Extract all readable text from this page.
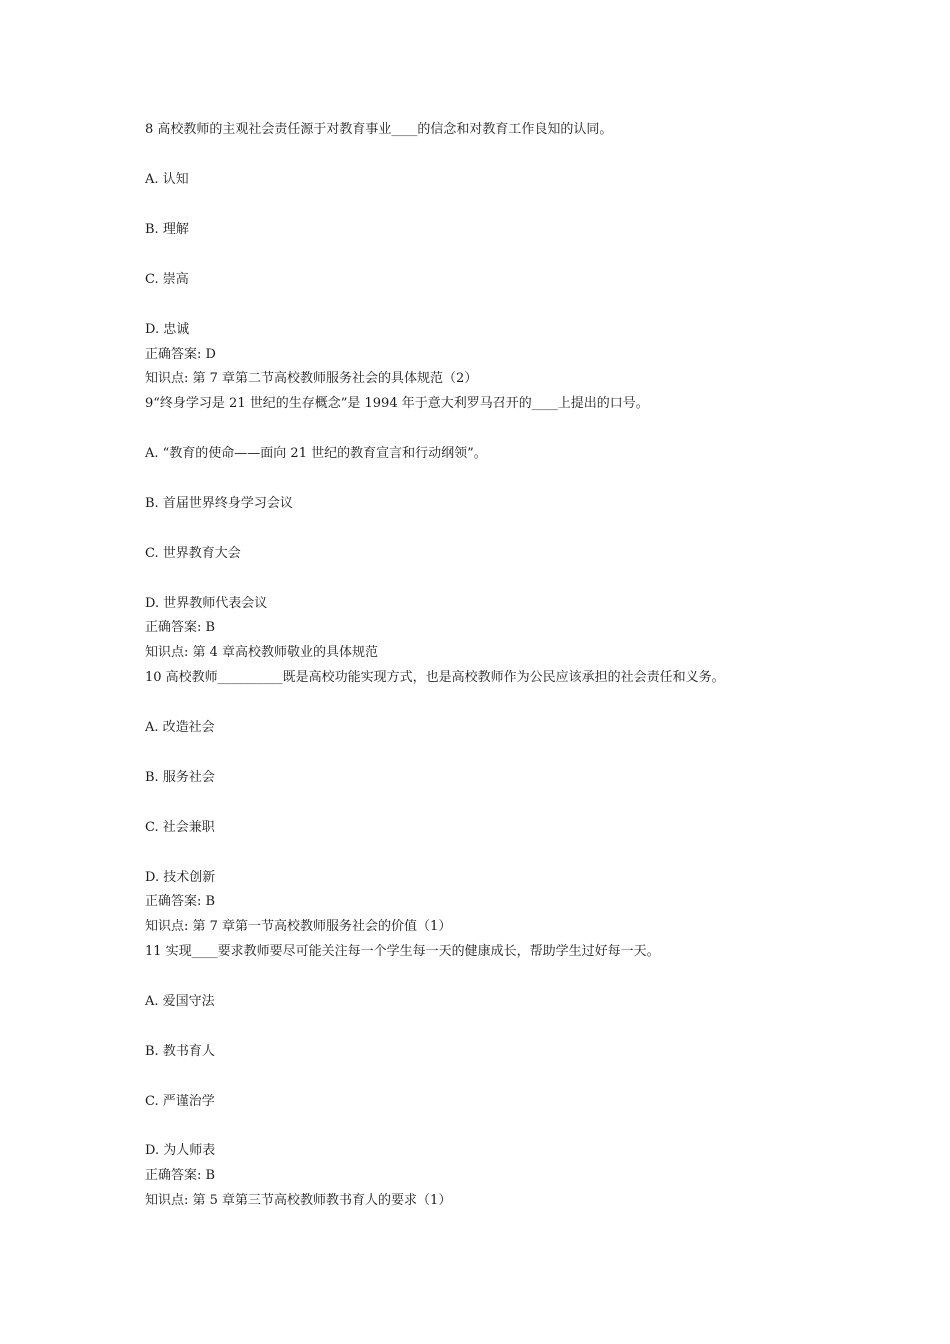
8 高校教师的主观社会责任源于对教育事业____的信念和对教育工作良知的认同。
A. 认知
B. 理解
C. 崇高
D. 忠诚
正确答案: D
知识点: 第 7 章第二节高校教师服务社会的具体规范（2）
9“终身学习是 21 世纪的生存概念”是 1994 年于意大利罗马召开的____上提出的口号。
A. “教育的使命——面向 21 世纪的教育宣言和行动纲领”。
B. 首届世界终身学习会议
C. 世界教育大会
D. 世界教师代表会议
正确答案: B
知识点: 第 4 章高校教师敬业的具体规范
10 高校教师__________既是高校功能实现方式，也是高校教师作为公民应该承担的社会责任和义务。
A. 改造社会
B. 服务社会
C. 社会兼职
D. 技术创新
正确答案: B
知识点: 第 7 章第一节高校教师服务社会的价值（1）
11 实现____要求教师要尽可能关注每一个学生每一天的健康成长，帮助学生过好每一天。
A. 爱国守法
B. 教书育人
C. 严谨治学
D. 为人师表
正确答案: B
知识点: 第 5 章第三节高校教师教书育人的要求（1）
